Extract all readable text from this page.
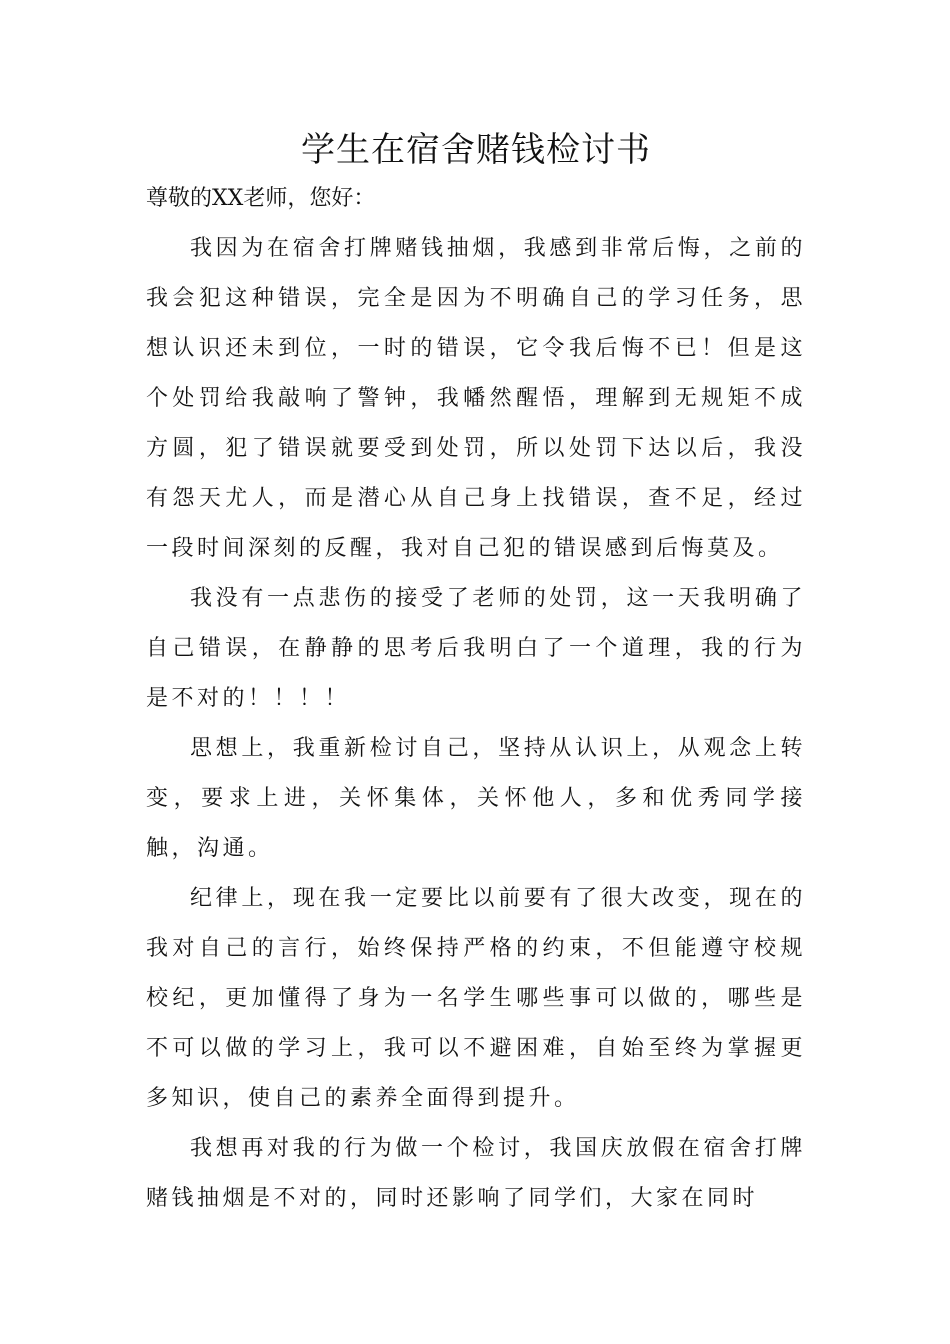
学生在宿舍赌钱检讨书

尊敬的XX老师，您好：

我因为在宿舍打牌赌钱抽烟，我感到非常后悔，之前的我会犯这种错误，完全是因为不明确自己的学习任务，思想认识还未到位，一时的错误，它令我后悔不已！但是这个处罚给我敲响了警钟，我幡然醒悟，理解到无规矩不成方圆，犯了错误就要受到处罚，所以处罚下达以后，我没有怨天尤人，而是潜心从自己身上找错误，查不足，经过一段时间深刻的反醒，我对自己犯的错误感到后悔莫及。

我没有一点悲伤的接受了老师的处罚，这一天我明确了自己错误，在静静的思考后我明白了一个道理，我的行为是不对的！！！！

思想上，我重新检讨自己，坚持从认识上，从观念上转变，要求上进，关怀集体，关怀他人，多和优秀同学接触，沟通。

纪律上，现在我一定要比以前要有了很大改变，现在的我对自己的言行，始终保持严格的约束，不但能遵守校规校纪，更加懂得了身为一名学生哪些事可以做的，哪些是不可以做的学习上，我可以不避困难，自始至终为掌握更多知识，使自己的素养全面得到提升。

我想再对我的行为做一个检讨，我国庆放假在宿舍打牌赌钱抽烟是不对的，同时还影响了同学们，大家在同时
